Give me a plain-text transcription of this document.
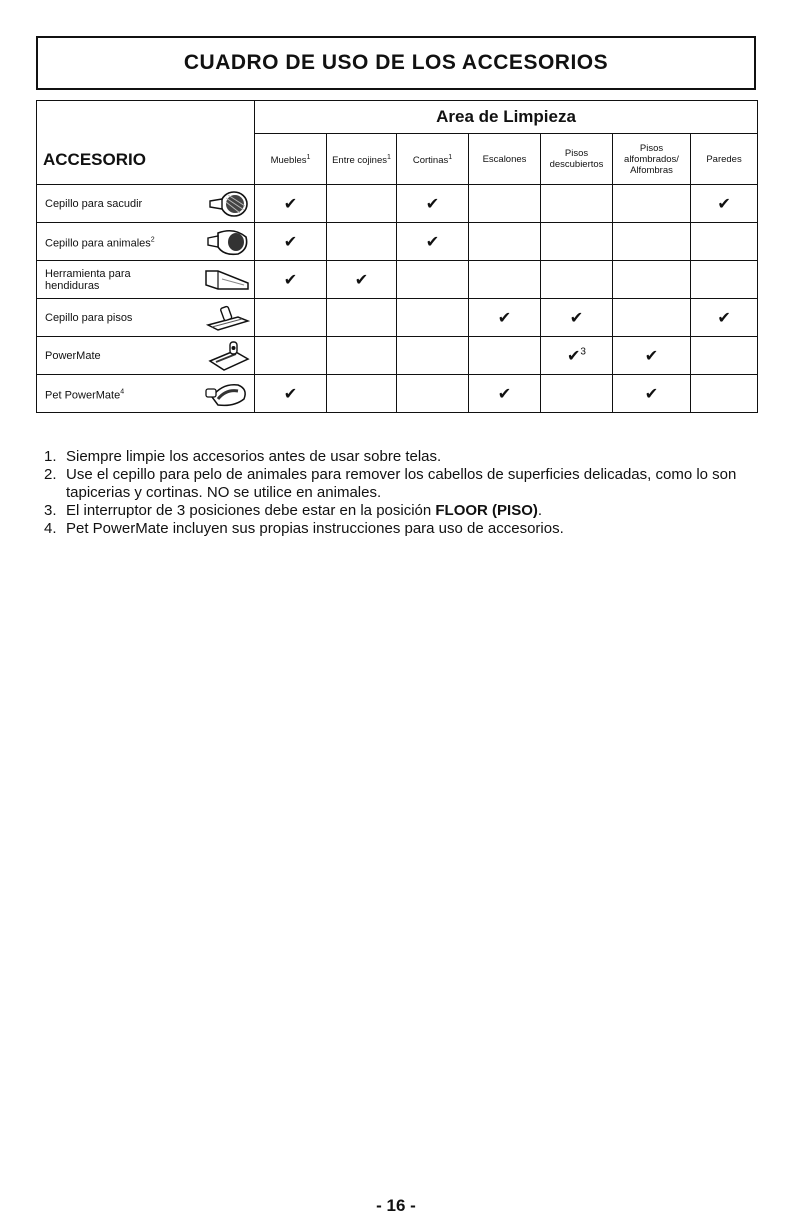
CUADRO DE USO DE LOS ACCESORIOS
ACCESORIO	Area de Limpieza						
	Muebles$^1$	Entre cojines$^1$	Cortinas$^1$	Escalones	Pisos descubiertos	Pisos alfombrados/ Alfombras	Paredes

Cepillo para sacudir	✔		✔				✔

Cepillo para animales$^2$	✔		✔				

Herramienta para hendiduras	✔	✔					

Cepillo para pisos				✔	✔		✔

PowerMate					✔$^3$	✔	

Pet PowerMate$^4$	✔			✔		✔	
1. Siempre limpie los accesorios antes de usar sobre telas.
2. Use el cepillo para pelo de animales para remover los cabellos de superficies delicadas, como lo son tapicerias y cortinas. NO se utilice en animales.
3. El interruptor de 3 posiciones debe estar en la posición FLOOR (PISO).
4. Pet PowerMate incluyen sus propias instrucciones para uso de accesorios.
- 16 -
